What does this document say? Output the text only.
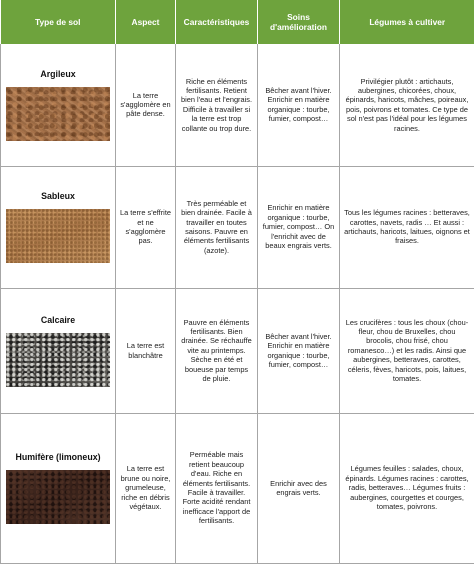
Type de sol	Aspect	Caractéristiques	Soins d'amélioration	Légumes à cultiver

Argileux	La terre s'agglomère en pâte dense.	Riche en éléments fertilisants. Retient bien l'eau et l'engrais. Difficile à travailler si la terre est trop collante ou trop dure.	Bêcher avant l'hiver. Enrichir en matière organique : tourbe, fumier, compost…	Privilégier plutôt : artichauts, aubergines, chicorées, choux, épinards, haricots, mâches, poireaux, pois, poivrons et tomates. Ce type de sol n'est pas l'idéal pour les légumes racines.

Sableux	La terre s'effrite et ne s'agglomère pas.	Très perméable et bien drainée. Facile à travailler en toutes saisons. Pauvre en éléments fertilisants (azote).	Enrichir en matière organique : tourbe, fumier, compost… On l'enrichit avec de beaux engrais verts.	Tous les légumes racines : betteraves, carottes, navets, radis … Et aussi : artichauts, haricots, laitues, oignons et fraises.

Calcaire	La terre est blanchâtre	Pauvre en éléments fertilisants. Bien drainée. Se réchauffe vite au printemps. Sèche en été et boueuse par temps de pluie.	Bêcher avant l'hiver. Enrichir en matière organique : tourbe, fumier, compost…	Les crucifères : tous les choux (chou-fleur, chou de Bruxelles, chou brocolis, chou frisé, chou romanesco…) et les radis. Ainsi que aubergines, betteraves, carottes, céleris, fèves, haricots, pois, laitues, tomates.

Humifère (limoneux)	La terre est brune ou noire, grumeleuse, riche en débris végétaux.	Perméable mais retient beaucoup d'eau. Riche en éléments fertilisants. Facile à travailler. Forte acidité rendant inefficace l'apport de fertilisants.	Enrichir avec des engrais verts.	Légumes feuilles : salades, choux, épinards. Légumes racines : carottes, radis, betteraves… Légumes fruits : aubergines, courgettes et courges, tomates, poivrons.
